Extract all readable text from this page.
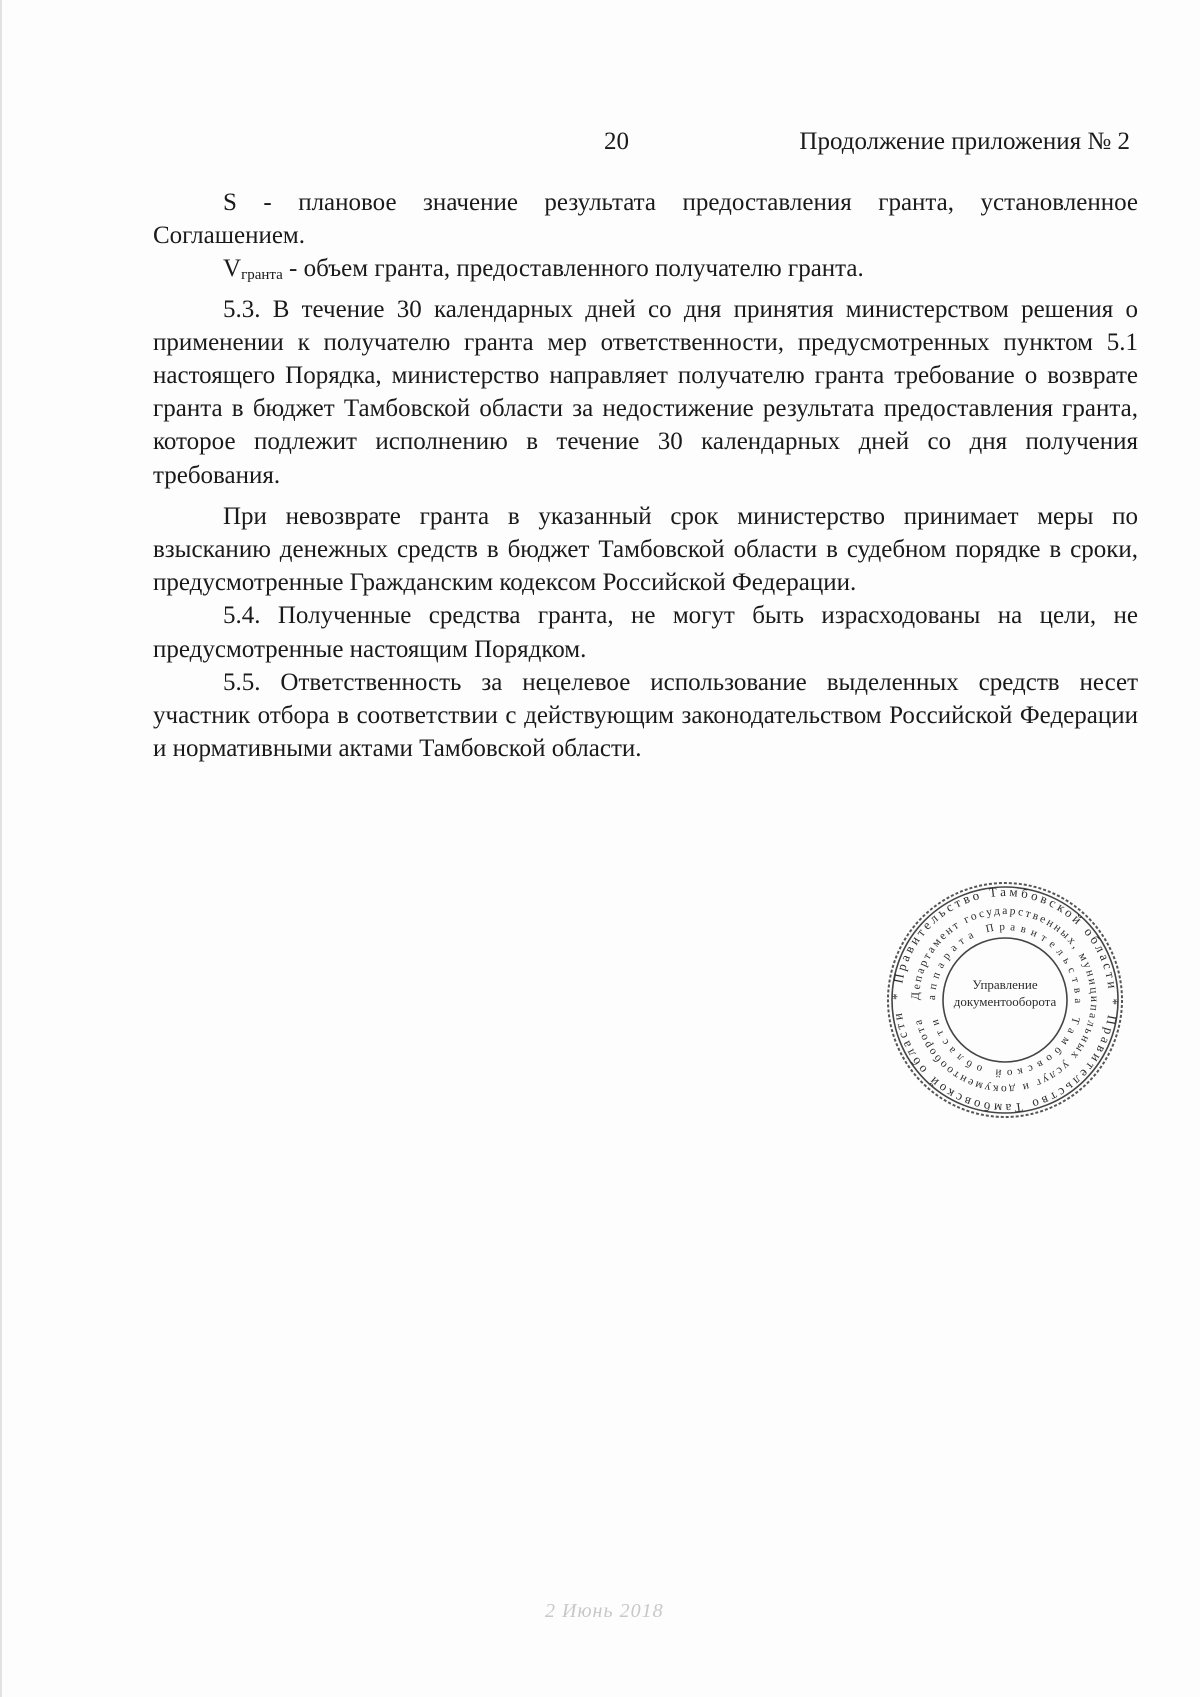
20	Продолжение приложения № 2

S - плановое значение результата предоставления гранта, установленное Соглашением.

$V_{гранта}$ - объем гранта, предоставленного получателю гранта.

5.3. В течение 30 календарных дней со дня принятия министерством решения о применении к получателю гранта мер ответственности, предусмотренных пунктом 5.1 настоящего Порядка, министерство направляет получателю гранта требование о возврате гранта в бюджет Тамбовской области за недостижение результата предоставления гранта, которое подлежит исполнению в течение 30 календарных дней со дня получения требования.

При невозврате гранта в указанный срок министерство принимает меры по взысканию денежных средств в бюджет Тамбовской области в судебном порядке в сроки, предусмотренные Гражданским кодексом Российской Федерации.

5.4. Полученные средства гранта, не могут быть израсходованы на цели, не предусмотренные настоящим Порядком.

5.5. Ответственность за нецелевое использование выделенных средств несет участник отбора в соответствии с действующим законодательством Российской Федерации и нормативными актами Тамбовской области.

* Правительство Тамбовской области * Правительство Тамбовской области
Департамент государственных, муниципальных услуг и документооборота
аппарата Правительства Тамбовской области
Управление
документооборота
2 Июнь 2018
